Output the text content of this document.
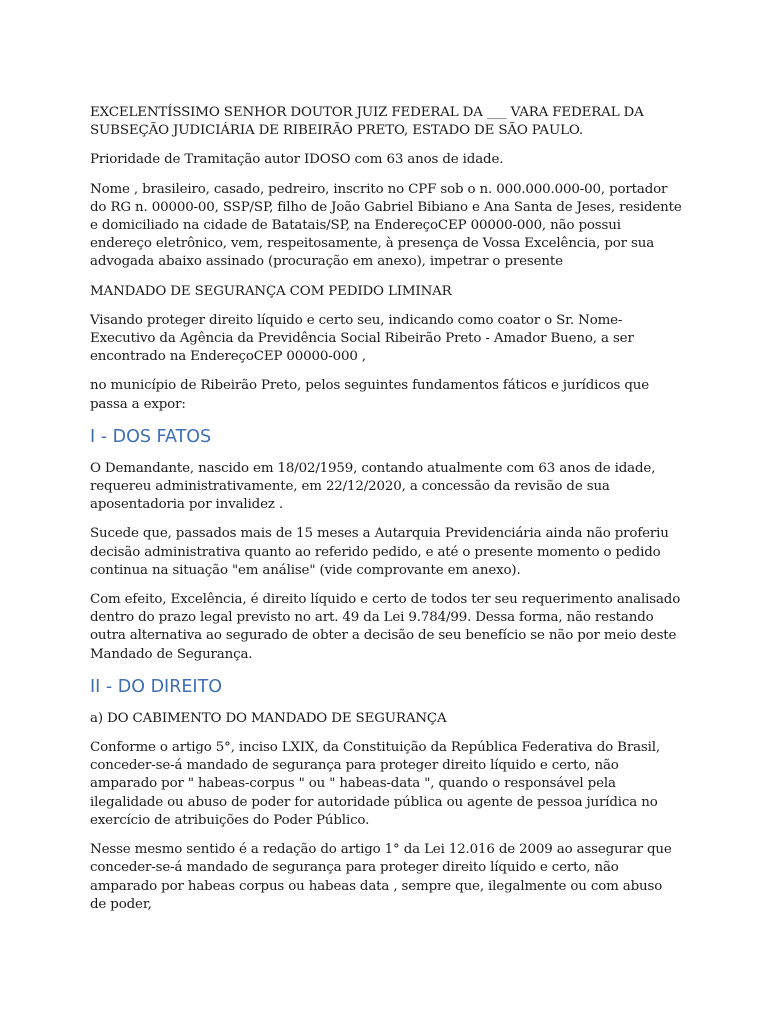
EXCELENTÍSSIMO SENHOR DOUTOR JUIZ FEDERAL DA ___ VARA FEDERAL DA SUBSEÇÃO JUDICIÁRIA DE RIBEIRÃO PRETO, ESTADO DE SÃO PAULO.

Prioridade de Tramitação autor IDOSO com 63 anos de idade.

Nome , brasileiro, casado, pedreiro, inscrito no CPF sob o n. 000.000.000-00, portador do RG n. 00000-00, SSP/SP, filho de João Gabriel Bibiano e Ana Santa de Jeses, residente e domiciliado na cidade de Batatais/SP, na EndereçoCEP 00000-000, não possui endereço eletrônico, vem, respeitosamente, à presença de Vossa Excelência, por sua advogada abaixo assinado (procuração em anexo), impetrar o presente

MANDADO DE SEGURANÇA COM PEDIDO LIMINAR

Visando proteger direito líquido e certo seu, indicando como coator o Sr. Nome-Executivo da Agência da Previdência Social Ribeirão Preto - Amador Bueno, a ser encontrado na EndereçoCEP 00000-000 ,

no município de Ribeirão Preto, pelos seguintes fundamentos fáticos e jurídicos que passa a expor:

I - DOS FATOS

O Demandante, nascido em 18/02/1959, contando atualmente com 63 anos de idade, requereu administrativamente, em 22/12/2020, a concessão da revisão de sua aposentadoria por invalidez .

Sucede que, passados mais de 15 meses a Autarquia Previdenciária ainda não proferiu decisão administrativa quanto ao referido pedido, e até o presente momento o pedido continua na situação "em análise" (vide comprovante em anexo).

Com efeito, Excelência, é direito líquido e certo de todos ter seu requerimento analisado dentro do prazo legal previsto no art. 49 da Lei 9.784/99. Dessa forma, não restando outra alternativa ao segurado de obter a decisão de seu benefício se não por meio deste Mandado de Segurança.

II - DO DIREITO

a) DO CABIMENTO DO MANDADO DE SEGURANÇA

Conforme o artigo 5°, inciso LXIX, da Constituição da República Federativa do Brasil, conceder-se-á mandado de segurança para proteger direito líquido e certo, não amparado por " habeas-corpus " ou " habeas-data ", quando o responsável pela ilegalidade ou abuso de poder for autoridade pública ou agente de pessoa jurídica no exercício de atribuições do Poder Público.

Nesse mesmo sentido é a redação do artigo 1° da Lei 12.016 de 2009 ao assegurar que conceder-se-á mandado de segurança para proteger direito líquido e certo, não amparado por habeas corpus ou habeas data , sempre que, ilegalmente ou com abuso de poder,
